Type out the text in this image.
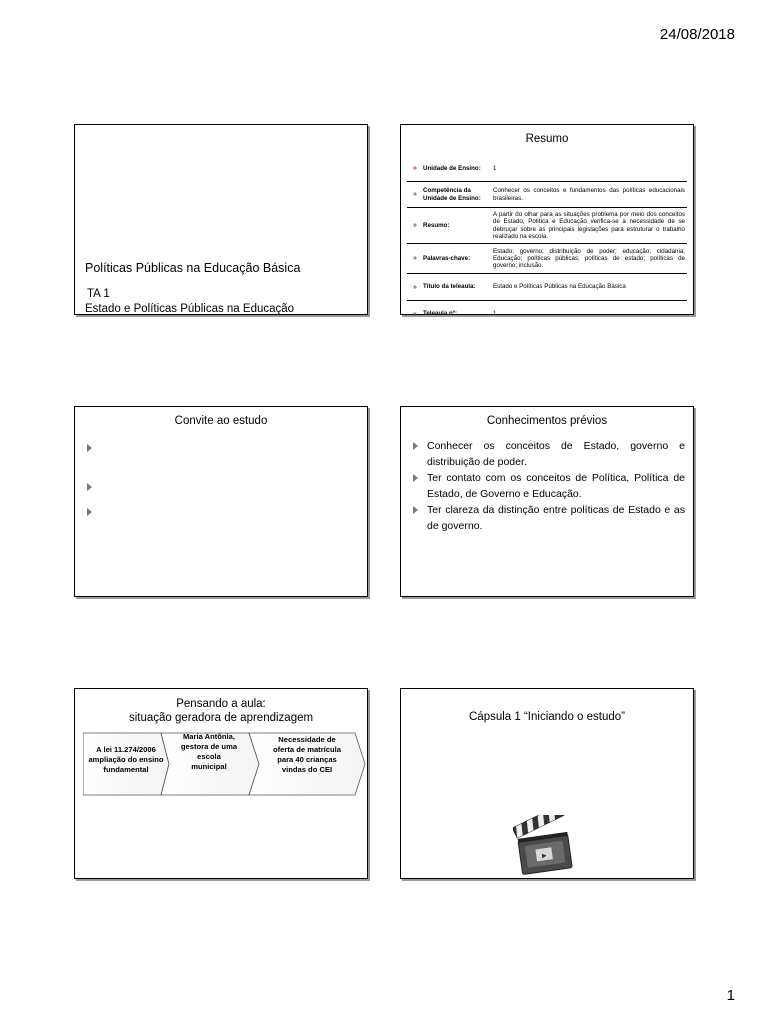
24/08/2018
Políticas Públicas na Educação Básica
TA 1
Estado e Políticas Públicas na Educação
Resumo
» Unidade de Ensino:	1
»
Competência da Unidade de Ensino:
Conhecer os conceitos e fundamentos das políticas educacionais brasileiras.
» Resumo:
A partir do olhar para as situações problema por meio dos conceitos de Estado, Política e Educação verifica-se a necessidade de se debruçar sobre as principais legislações para estruturar o trabalho realizado na escola.
» Palavras-chave:
Estado; governo; distribuição de poder; educação; cidadania; Educação; políticas públicas; políticas de estado; políticas de governo; inclusão.
» Título da teleaula:	Estado e Políticas Públicas na Educação Básica
» Teleaula nº:	1
Convite ao estudo	Conhecimentos prévios
Conhecer os conceitos de Estado, governo e distribuição de poder.
Ter contato com os conceitos de Política, Política de Estado, de Governo e Educação.
Ter clareza da distinção entre políticas de Estado e as de governo.
Pensando a aula:
situação geradora de aprendizagem
A lei 11.274/2006 ampliação do ensino fundamental
Maria Antônia, gestora de uma escola municipal
Necessidade de oferta de matrícula para 40 crianças vindas do CEI
Cápsula 1 “Iniciando o estudo”
▶
1
